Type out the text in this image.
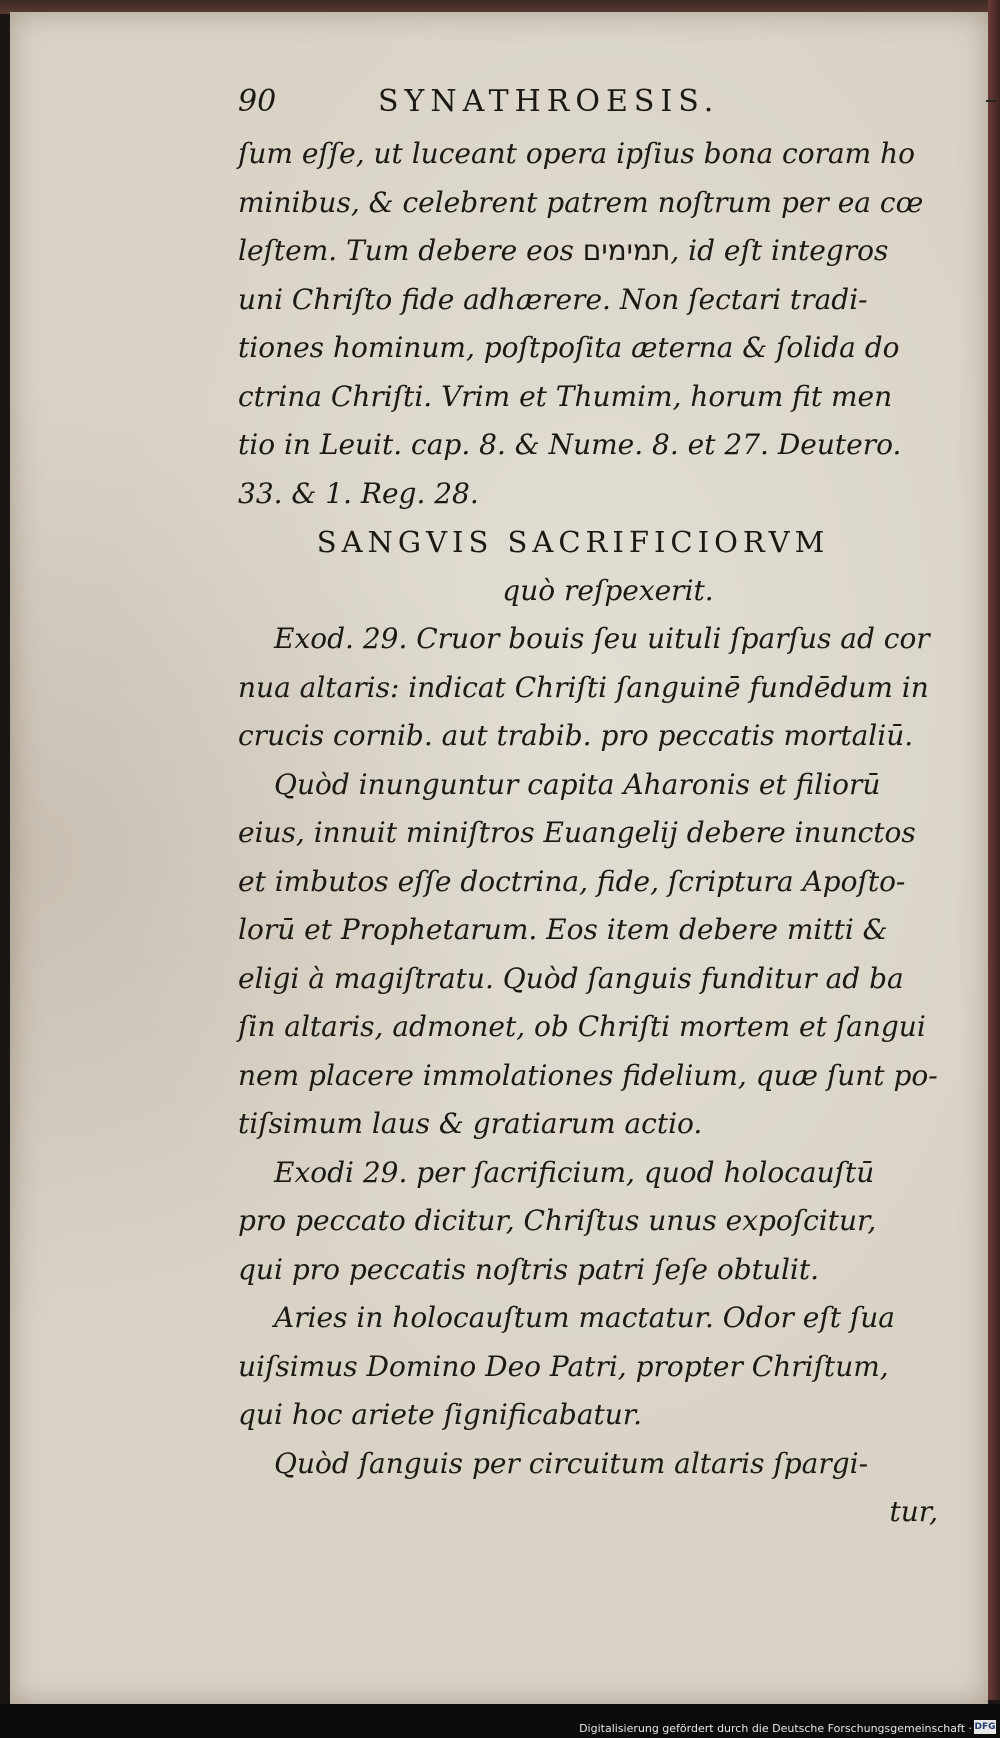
90	SYNATHROESIS.
ſum eſſe, ut luceant opera ipſius bona coram ho
minibus, & celebrent patrem noſtrum per ea cœ
leſtem. Tum debere eos תמימים, id eſt integros
uni Chriſto fide adhærere. Non ſectari tradi-
tiones hominum, poſtpoſita æterna & ſolida do
ctrina Chriſti. Vrim et Thumim, horum fit men
tio in Leuit. cap. 8. & Nume. 8. et 27. Deutero.
33. & 1. Reg. 28.
SANGVIS SACRIFICIORVM
quò reſpexerit.
Exod. 29. Cruor bouis ſeu uituli ſparſus ad cor
nua altaris: indicat Chriſti ſanguinē fundēdum in
crucis cornib. aut trabib. pro peccatis mortaliū.
Quòd inunguntur capita Aharonis et filiorū
eius, innuit miniſtros Euangelij debere inunctos
et imbutos eſſe doctrina, fide, ſcriptura Apoſto-
lorū et Prophetarum. Eos item debere mitti &
eligi à magiſtratu. Quòd ſanguis funditur ad ba
ſin altaris, admonet, ob Chriſti mortem et ſangui
nem placere immolationes fidelium, quæ ſunt po-
tiſsimum laus & gratiarum actio.
Exodi 29. per ſacrificium, quod holocauſtū
pro peccato dicitur, Chriſtus unus expoſcitur,
qui pro peccatis noſtris patri ſeſe obtulit.
Aries in holocauſtum mactatur. Odor eſt ſua
uiſsimus Domino Deo Patri, propter Chriſtum,
qui hoc ariete ſignificabatur.
Quòd ſanguis per circuitum altaris ſpargi-
tur,
Digitalisierung gefördert durch die Deutsche Forschungsgemeinschaft · DFG
